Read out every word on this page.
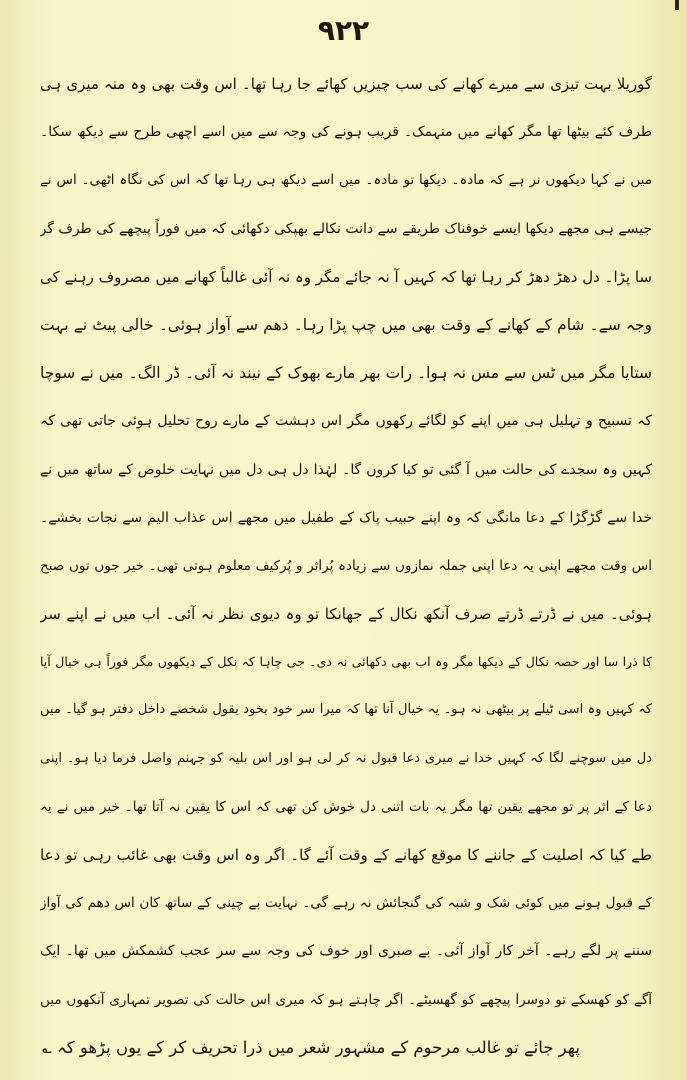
۹۲۲
گوریلا بہت تیزی سے میرے کھانے کی سب چیزیں کھائے جا رہا تھا۔ اس وقت بھی وہ منہ میری ہی
طرف کئے بیٹھا تھا مگر کھانے میں منہمک۔ قریب ہونے کی وجہ سے میں اسے اچھی طرح سے دیکھ سکا۔
میں نے کہا دیکھوں نر ہے کہ مادہ۔ دیکھا تو مادہ۔ میں اسے دیکھ ہی رہا تھا کہ اس کی نگاہ اٹھی۔ اس نے
جیسے ہی مجھے دیکھا ایسے خوفناک طریقے سے دانت نکالے بھپکی دکھائی کہ میں فوراً پیچھے کی طرف گر
سا پڑا۔ دل دھڑ دھڑ کر رہا تھا کہ کہیں آ نہ جائے مگر وہ نہ آئی غالباً کھانے میں مصروف رہنے کی
وجہ سے۔ شام کے کھانے کے وقت بھی میں چپ پڑا رہا۔ دھم سے آواز ہوئی۔ خالی پیٹ نے بہت
ستایا مگر میں ٹس سے مس نہ ہوا۔ رات بھر مارے بھوک کے نیند نہ آئی۔ ڈر الگ۔ میں نے سوچا
کہ تسبیح و تہلیل ہی میں اپنے کو لگائے رکھوں مگر اس دہشت کے مارے روح تحلیل ہوئی جاتی تھی کہ
کہیں وہ سجدے کی حالت میں آ گئی تو کیا کروں گا۔ لہٰذا دل ہی دل میں نہایت خلوص کے ساتھ میں نے
خدا سے گڑگڑا کے دعا مانگی کہ وہ اپنے حبیب پاک کے طفیل میں مجھے اس عذاب الیم سے نجات بخشے۔
اس وقت مجھے اپنی یہ دعا اپنی جملہ نمازوں سے زیادہ پُراثر و پُرکیف معلوم ہوتی تھی۔ خیر جوں توں صبح
ہوئی۔ میں نے ڈرتے ڈرتے صرف آنکھ نکال کے جھانکا تو وہ دیوی نظر نہ آئی۔ اب میں نے اپنے سر
کا ذرا سا اور حصہ نکال کے دیکھا مگر وہ اب بھی دکھائی نہ دی۔ جی چاہا کہ نکل کے دیکھوں مگر فوراً ہی خیال آیا
کہ کہیں وہ اسی ٹیلے پر بیٹھی نہ ہو۔ یہ خیال آنا تھا کہ میرا سر خود بخود بقول شخصے داخل دفتر ہو گیا۔ میں
دل میں سوچنے لگا کہ کہیں خدا نے میری دعا قبول نہ کر لی ہو اور اس بلیہ کو جہنم واصل فرما دیا ہو۔ اپنی
دعا کے اثر پر تو مجھے یقین تھا مگر یہ بات اتنی دل خوش کن تھی کہ اس کا یقین نہ آتا تھا۔ خیر میں نے یہ
طے کیا کہ اصلیت کے جاننے کا موقع کھانے کے وقت آئے گا۔ اگر وہ اس وقت بھی غائب رہی تو دعا
کے قبول ہونے میں کوئی شک و شبہ کی گنجائش نہ رہے گی۔ نہایت بے چینی کے ساتھ کان اس دھم کی آواز
سننے پر لگے رہے۔ آخر کار آواز آئی۔ بے صبری اور خوف کی وجہ سے سر عجب کشمکش میں تھا۔ ایک
آگے کو کھسکے تو دوسرا پیچھے کو گھسیٹے۔ اگر چاہتے ہو کہ میری اس حالت کی تصویر تمہاری آنکھوں میں
پھر جائے تو غالب مرحوم کے مشہور شعر میں ذرا تحریف کر کے یوں پڑھو کہ ؎
